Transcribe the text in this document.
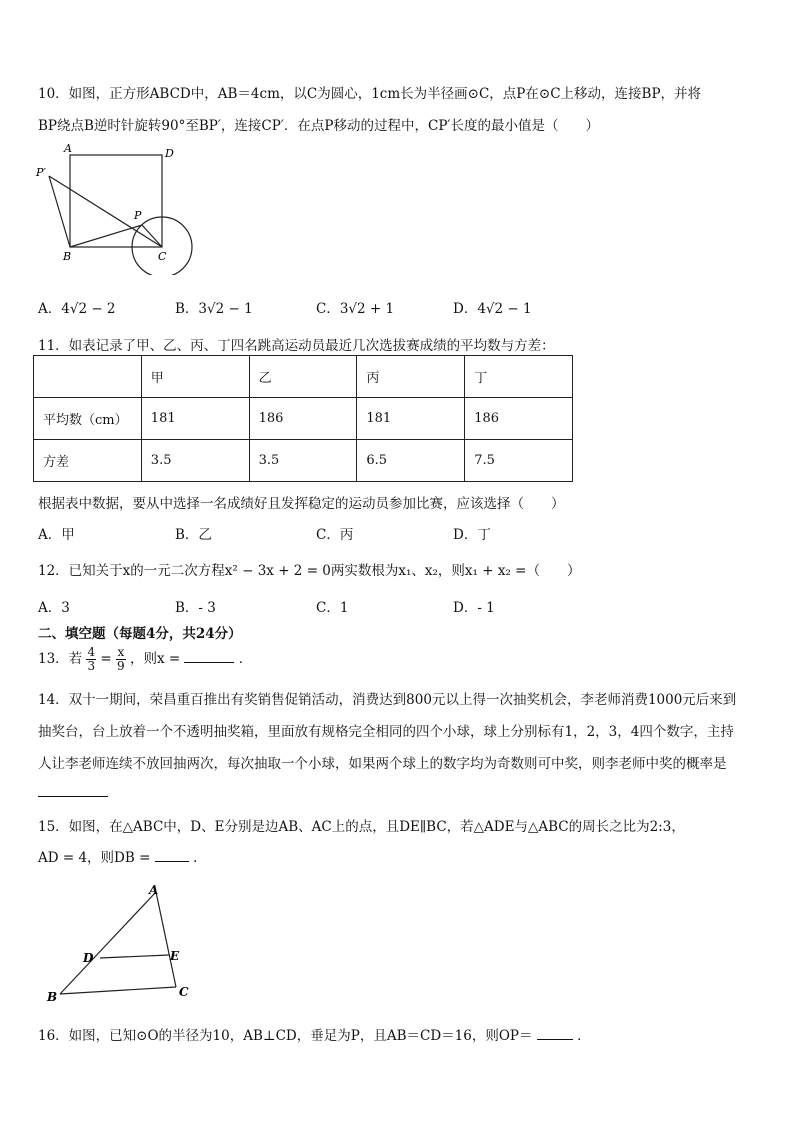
10．如图，正方形ABCD中，AB＝4cm，以C为圆心，1cm长为半径画⊙C，点P在⊙C上移动，连接BP，并将
BP绕点B逆时针旋转90°至BP′，连接CP′．在点P移动的过程中，CP′长度的最小值是（　　）
A	D
P′
P
B	C
A．4√2 − 2	B．3√2 − 1	C．3√2 + 1	D．4√2 − 1
11．如表记录了甲、乙、丙、丁四名跳高运动员最近几次选拔赛成绩的平均数与方差：
	甲	乙	丙	丁
平均数（cm）	181	186	181	186
方差	3.5	3.5	6.5	7.5
根据表中数据，要从中选择一名成绩好且发挥稳定的运动员参加比赛，应该选择（　　）
A．甲	B．乙	C．丙	D．丁
12．已知关于x的一元二次方程x² − 3x + 2 = 0两实数根为x₁、x₂，则x₁ + x₂ =（　　）
A．3	B．- 3	C．1	D．- 1
二、填空题（每题4分，共24分）
13．若 $\frac{4}{3} = \frac{x}{9}$ ，则x =	．
14．双十一期间，荣昌重百推出有奖销售促销活动，消费达到800元以上得一次抽奖机会，李老师消费1000元后来到
抽奖台，台上放着一个不透明抽奖箱，里面放有规格完全相同的四个小球，球上分别标有1，2，3，4四个数字，主持
人让李老师连续不放回抽两次，每次抽取一个小球，如果两个球上的数字均为奇数则可中奖，则李老师中奖的概率是
15．如图，在△ABC中，D、E分别是边AB、AC上的点，且DE∥BC，若△ADE与△ABC的周长之比为2:3，
AD = 4，则DB =	.
A
D	E
B	C
16．如图，已知⊙O的半径为10，AB⊥CD，垂足为P，且AB＝CD＝16，则OP＝	．
